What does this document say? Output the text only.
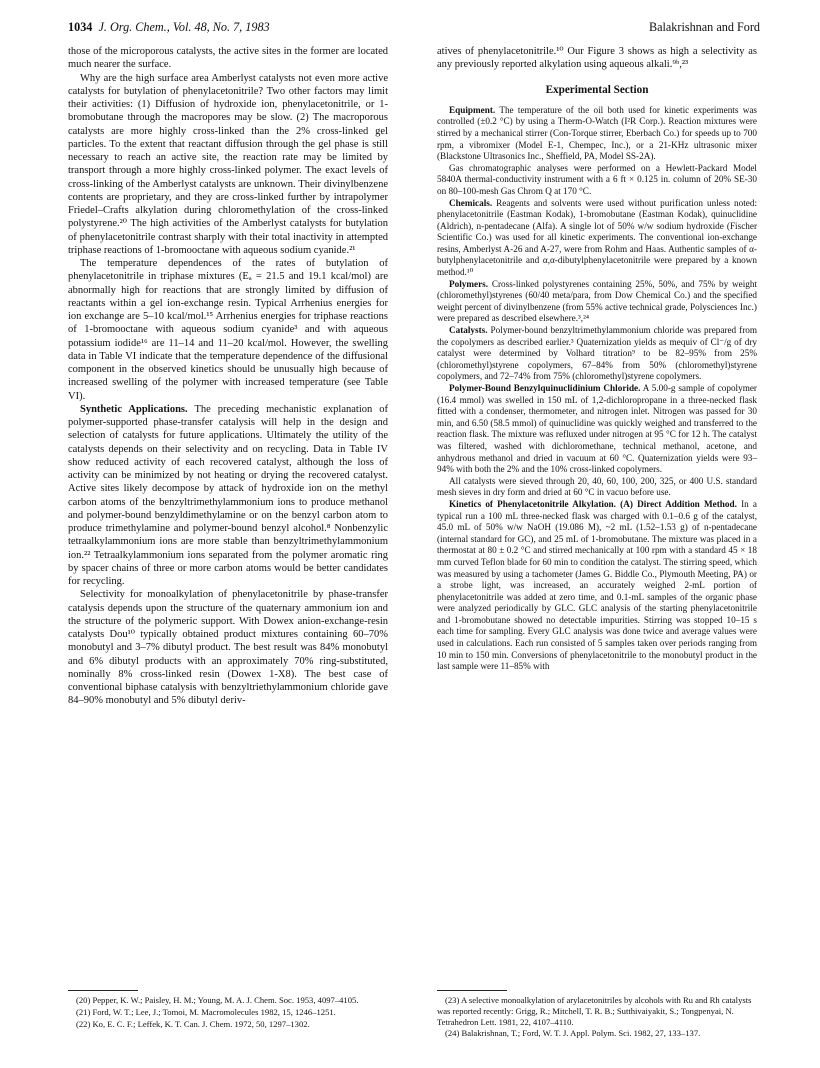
1034 J. Org. Chem., Vol. 48, No. 7, 1983	Balakrishnan and Ford

those of the microporous catalysts, the active sites in the former are located much nearer the surface.

Why are the high surface area Amberlyst catalysts not even more active catalysts for butylation of phenylacetonitrile? Two other factors may limit their activities: (1) Diffusion of hydroxide ion, phenylacetonitrile, or 1-bromobutane through the macropores may be slow. (2) The macroporous catalysts are more highly cross-linked than the 2% cross-linked gel particles. To the extent that reactant diffusion through the gel phase is still necessary to reach an active site, the reaction rate may be limited by transport through a more highly cross-linked polymer. The exact levels of cross-linking of the Amberlyst catalysts are unknown. Their divinylbenzene contents are proprietary, and they are cross-linked further by intrapolymer Friedel–Crafts alkylation during chloromethylation of the cross-linked polystyrene.²⁰ The high activities of the Amberlyst catalysts for butylation of phenylacetonitrile contrast sharply with their total inactivity in attempted triphase reactions of 1-bromooctane with aqueous sodium cyanide.²¹

The temperature dependences of the rates of butylation of phenylacetonitrile in triphase mixtures (Eₐ = 21.5 and 19.1 kcal/mol) are abnormally high for reactions that are strongly limited by diffusion of reactants within a gel ion-exchange resin. Typical Arrhenius energies for ion exchange are 5–10 kcal/mol.¹⁵ Arrhenius energies for triphase reactions of 1-bromooctane with aqueous sodium cyanide³ and with aqueous potassium iodide¹⁶ are 11–14 and 11–20 kcal/mol. However, the swelling data in Table VI indicate that the temperature dependence of the diffusional component in the observed kinetics should be unusually high because of increased swelling of the polymer with increased temperature (see Table VI).

Synthetic Applications. The preceding mechanistic explanation of polymer-supported phase-transfer catalysis will help in the design and selection of catalysts for future applications. Ultimately the utility of the catalysts depends on their selectivity and on recycling. Data in Table IV show reduced activity of each recovered catalyst, although the loss of activity can be minimized by not heating or drying the recovered catalyst. Active sites likely decompose by attack of hydroxide ion on the methyl carbon atoms of the benzyltrimethylammonium ions to produce methanol and polymer-bound benzyldimethylamine or on the benzyl carbon atom to produce trimethylamine and polymer-bound benzyl alcohol.⁸ Nonbenzylic tetraalkylammonium ions are more stable than benzyltrimethylammonium ion.²² Tetraalkylammonium ions separated from the polymer aromatic ring by spacer chains of three or more carbon atoms would be better candidates for recycling.

Selectivity for monoalkylation of phenylacetonitrile by phase-transfer catalysis depends upon the structure of the quaternary ammonium ion and the structure of the polymeric support. With Dowex anion-exchange-resin catalysts Dou¹⁰ typically obtained product mixtures containing 60–70% monobutyl and 3–7% dibutyl product. The best result was 84% monobutyl and 6% dibutyl products with an approximately 70% ring-substituted, nominally 8% cross-linked resin (Dowex 1-X8). The best case of conventional biphase catalysis with benzyltriethylammonium chloride gave 84–90% monobutyl and 5% dibutyl deriv-

atives of phenylacetonitrile.¹⁰ Our Figure 3 shows as high a selectivity as any previously reported alkylation using aqueous alkali.⁹ᵇ,²³

Experimental Section

Equipment. The temperature of the oil both used for kinetic experiments was controlled (±0.2 °C) by using a Therm-O-Watch (I²R Corp.). Reaction mixtures were stirred by a mechanical stirrer (Con-Torque stirrer, Eberbach Co.) for speeds up to 700 rpm, a vibromixer (Model E-1, Chempec, Inc.), or a 21-KHz ultrasonic mixer (Blackstone Ultrasonics Inc., Sheffield, PA, Model SS-2A).

Gas chromatographic analyses were performed on a Hewlett-Packard Model 5840A thermal-conductivity instrument with a 6 ft × 0.125 in. column of 20% SE-30 on 80–100-mesh Gas Chrom Q at 170 °C.

Chemicals. Reagents and solvents were used without purification unless noted: phenylacetonitrile (Eastman Kodak), 1-bromobutane (Eastman Kodak), quinuclidine (Aldrich), n-pentadecane (Alfa). A single lot of 50% w/w sodium hydroxide (Fischer Scientific Co.) was used for all kinetic experiments. The conventional ion-exchange resins, Amberlyst A-26 and A-27, were from Rohm and Haas. Authentic samples of α-butylphenylacetonitrile and α,α-dibutylphenylacetonitrile were prepared by a known method.¹⁰

Polymers. Cross-linked polystyrenes containing 25%, 50%, and 75% by weight (chloromethyl)styrenes (60/40 meta/para, from Dow Chemical Co.) and the specified weight percent of divinylbenzene (from 55% active technical grade, Polysciences Inc.) were prepared as described elsewhere.³,²⁴

Catalysts. Polymer-bound benzyltrimethylammonium chloride was prepared from the copolymers as described earlier.³ Quaternization yields as mequiv of Cl⁻/g of dry catalyst were determined by Volhard titration⁹ to be 82–95% from 25% (chloromethyl)styrene copolymers, 67–84% from 50% (chloromethyl)styrene copolymers, and 72–74% from 75% (chloromethyl)styrene copolymers.

Polymer-Bound Benzylquinuclidinium Chloride. A 5.00-g sample of copolymer (16.4 mmol) was swelled in 150 mL of 1,2-dichloropropane in a three-necked flask fitted with a condenser, thermometer, and nitrogen inlet. Nitrogen was passed for 30 min, and 6.50 (58.5 mmol) of quinuclidine was quickly weighed and transferred to the reaction flask. The mixture was refluxed under nitrogen at 95 °C for 12 h. The catalyst was filtered, washed with dichloromethane, technical methanol, acetone, and anhydrous methanol and dried in vacuum at 60 °C. Quaternization yields were 93–94% with both the 2% and the 10% cross-linked copolymers.

All catalysts were sieved through 20, 40, 60, 100, 200, 325, or 400 U.S. standard mesh sieves in dry form and dried at 60 °C in vacuo before use.

Kinetics of Phenylacetonitrile Alkylation. (A) Direct Addition Method. In a typical run a 100 mL three-necked flask was charged with 0.1–0.6 g of the catalyst, 45.0 mL of 50% w/w NaOH (19.086 M), ~2 mL (1.52–1.53 g) of n-pentadecane (internal standard for GC), and 25 mL of 1-bromobutane. The mixture was placed in a thermostat at 80 ± 0.2 °C and stirred mechanically at 100 rpm with a standard 45 × 18 mm curved Teflon blade for 60 min to condition the catalyst. The stirring speed, which was measured by using a tachometer (James G. Biddle Co., Plymouth Meeting, PA) or a strobe light, was increased, an accurately weighed 2-mL portion of phenylacetonitrile was added at zero time, and 0.1-mL samples of the organic phase were analyzed periodically by GLC. GLC analysis of the starting phenylacetonitrile and 1-bromobutane showed no detectable impurities. Stirring was stopped 10–15 s each time for sampling. Every GLC analysis was done twice and average values were used in calculations. Each run consisted of 5 samples taken over periods ranging from 10 min to 150 min. Conversions of phenylacetonitrile to the monobutyl product in the last sample were 11–85% with

(20) Pepper, K. W.; Paisley, H. M.; Young, M. A. J. Chem. Soc. 1953, 4097–4105.

(21) Ford, W. T.; Lee, J.; Tomoi, M. Macromolecules 1982, 15, 1246–1251.

(22) Ko, E. C. F.; Leffek, K. T. Can. J. Chem. 1972, 50, 1297–1302.

(23) A selective monoalkylation of arylacetonitriles by alcohols with Ru and Rh catalysts was reported recently: Grigg, R.; Mitchell, T. R. B.; Sutthivaiyakit, S.; Tongpenyai, N. Tetrahedron Lett. 1981, 22, 4107–4110.

(24) Balakrishnan, T.; Ford, W. T. J. Appl. Polym. Sci. 1982, 27, 133–137.
